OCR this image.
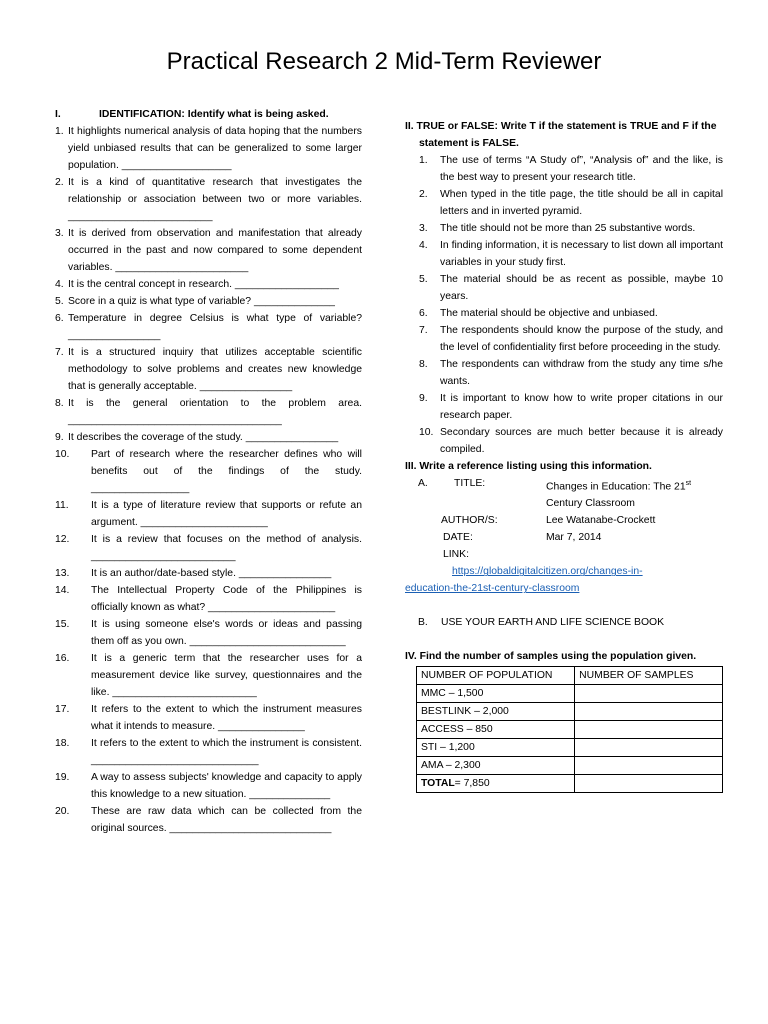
Practical Research 2 Mid-Term Reviewer
I.	IDENTIFICATION: Identify what is being asked.
1. It highlights numerical analysis of data hoping that the numbers yield unbiased results that can be generalized to some larger population. ___________________
2. It is a kind of quantitative research that investigates the relationship or association between two or more variables. _________________________
3. It is derived from observation and manifestation that already occurred in the past and now compared to some dependent variables. _______________________
4. It is the central concept in research. __________________
5. Score in a quiz is what type of variable? ______________
6. Temperature in degree Celsius is what type of variable? ________________
7. It is a structured inquiry that utilizes acceptable scientific methodology to solve problems and creates new knowledge that is generally acceptable. ________________
8. It is the general orientation to the problem area. _____________________________________
9. It describes the coverage of the study. ________________
10. Part of research where the researcher defines who will benefits out of the findings of the study. _________________
11. It is a type of literature review that supports or refute an argument. ______________________
12. It is a review that focuses on the method of analysis. _________________________
13. It is an author/date-based style. ________________
14. The Intellectual Property Code of the Philippines is officially known as what? ______________________
15. It is using someone else's words or ideas and passing them off as you own. ___________________________
16. It is a generic term that the researcher uses for a measurement device like survey, questionnaires and the like. _________________________
17. It refers to the extent to which the instrument measures what it intends to measure. _______________
18. It refers to the extent to which the instrument is consistent. _____________________________
19. A way to assess subjects' knowledge and capacity to apply this knowledge to a new situation. ______________
20. These are raw data which can be collected from the original sources. ____________________________
II. TRUE or FALSE: Write T if the statement is TRUE and F if the statement is FALSE.
1. The use of terms “A Study of”, “Analysis of” and the like, is the best way to present your research title.
2. When typed in the title page, the title should be all in capital letters and in inverted pyramid.
3. The title should not be more than 25 substantive words.
4. In finding information, it is necessary to list down all important variables in your study first.
5. The material should be as recent as possible, maybe 10 years.
6. The material should be objective and unbiased.
7. The respondents should know the purpose of the study, and the level of confidentiality first before proceeding in the study.
8. The respondents can withdraw from the study any time s/he wants.
9. It is important to know how to write proper citations in our research paper.
10. Secondary sources are much better because it is already compiled.
III. Write a reference listing using this information.
A.	TITLE:	Changes in Education: The 21st
Century Classroom
AUTHOR/S:	Lee Watanabe-Crockett
DATE:	Mar 7, 2014
LINK:
https://globaldigitalcitizen.org/changes-in-
education-the-21st-century-classroom
B.	USE YOUR EARTH AND LIFE SCIENCE BOOK
IV. Find the number of samples using the population given.
NUMBER OF POPULATION	NUMBER OF SAMPLES
MMC – 1,500	
BESTLINK – 2,000	
ACCESS – 850	
STI – 1,200	
AMA – 2,300	
TOTAL= 7,850	
